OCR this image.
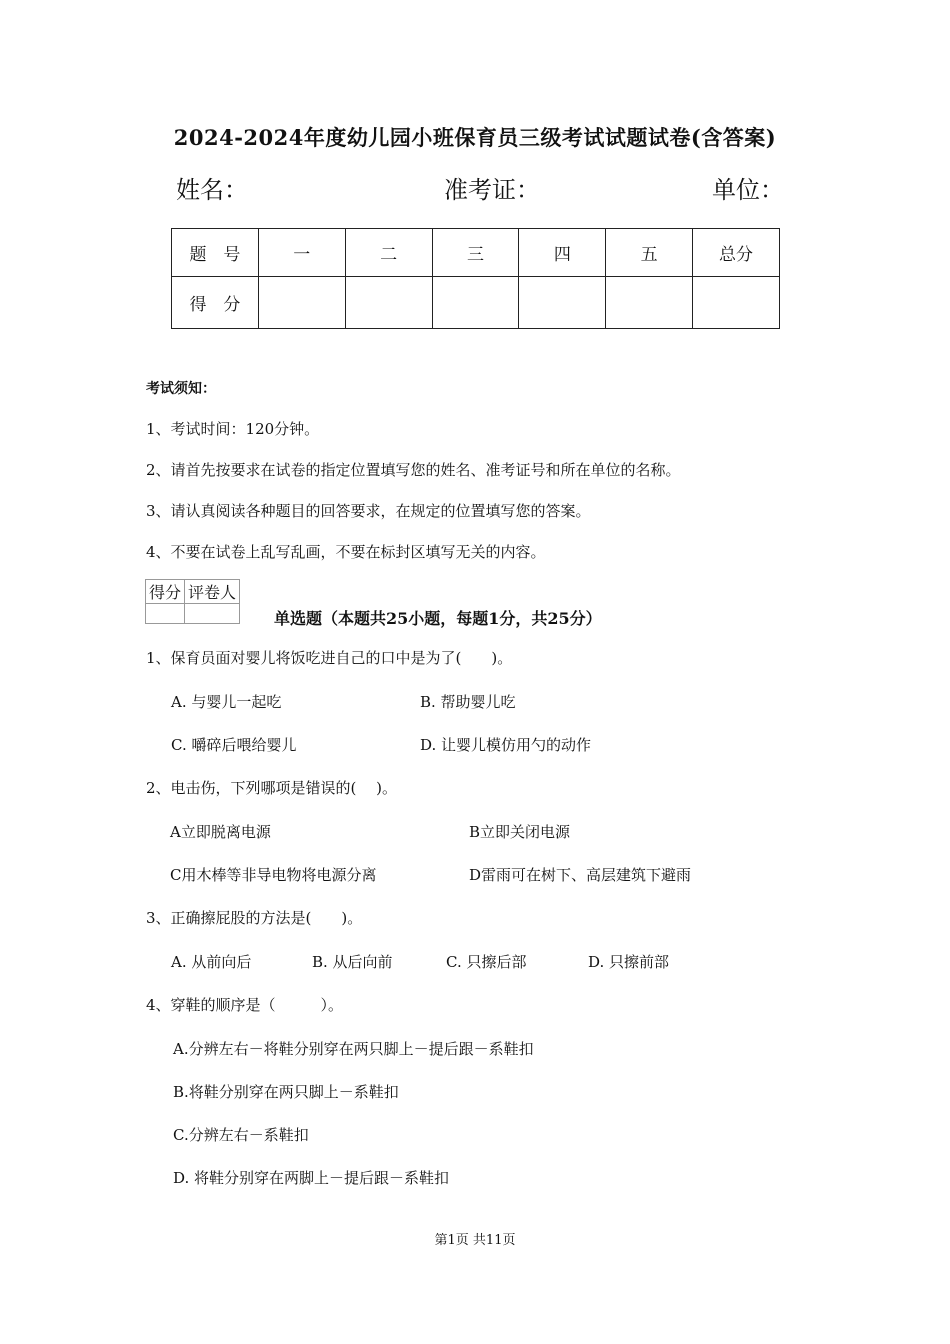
2024-2024年度幼儿园小班保育员三级考试试题试卷(含答案)
姓名：	准考证：	单位：
题　号	一	二	三	四	五	总分
得　分						
考试须知：
1、考试时间：120分钟。
2、请首先按要求在试卷的指定位置填写您的姓名、准考证号和所在单位的名称。
3、请认真阅读各种题目的回答要求，在规定的位置填写您的答案。
4、不要在试卷上乱写乱画，不要在标封区填写无关的内容。
得分	评卷人

单选题（本题共25小题，每题1分，共25分）
1、保育员面对婴儿将饭吃进自己的口中是为了(　　)。
A. 与婴儿一起吃	B. 帮助婴儿吃
C. 嚼碎后喂给婴儿	D. 让婴儿模仿用勺的动作
2、电击伤，下列哪项是错误的(　 )。
A立即脱离电源	B立即关闭电源
C用木棒等非导电物将电源分离	D雷雨可在树下、高层建筑下避雨
3、正确擦屁股的方法是(　　)。
A. 从前向后	B. 从后向前	C. 只擦后部	D. 只擦前部
4、穿鞋的顺序是（　　　）。
A.分辨左右－将鞋分别穿在两只脚上－提后跟－系鞋扣
B.将鞋分别穿在两只脚上－系鞋扣
C.分辨左右－系鞋扣
D. 将鞋分别穿在两脚上－提后跟－系鞋扣
第1页 共11页
